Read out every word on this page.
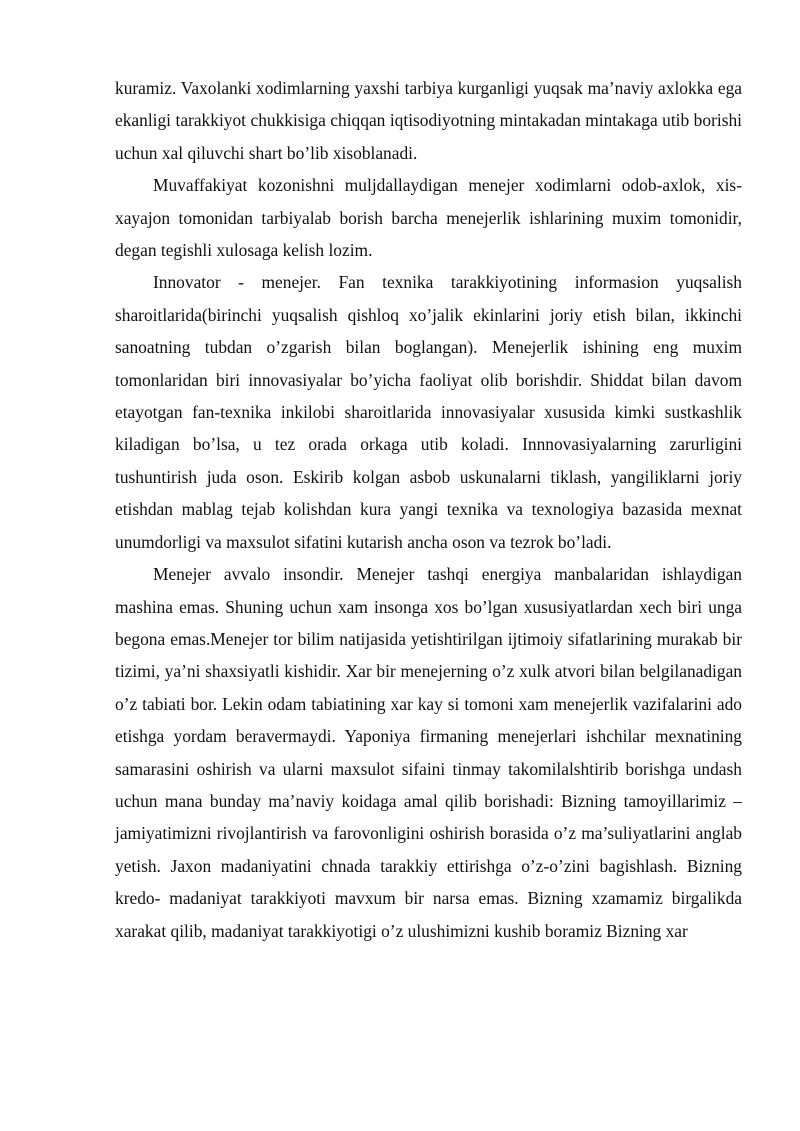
kuramiz. Vaxolanki xodimlarning yaxshi tarbiya kurganligi yuqsak ma’naviy axlokka ega ekanligi tarakkiyot chukkisiga chiqqan iqtisodiyotning mintakadan mintakaga utib borishi uchun xal qiluvchi shart bo’lib xisoblanadi.

Muvaffakiyat kozonishni muljdallaydigan menejer xodimlarni odob-axlok, xis-xayajon tomonidan tarbiyalab borish barcha menejerlik ishlarining muxim tomonidir, degan tegishli xulosaga kelish lozim.

Innovator - menejer. Fan texnika tarakkiyotining informasion yuqsalish sharoitlarida(birinchi yuqsalish qishloq xo’jalik ekinlarini joriy etish bilan, ikkinchi sanoatning tubdan o’zgarish bilan boglangan). Menejerlik ishining eng muxim tomonlaridan biri innovasiyalar bo’yicha faoliyat olib borishdir. Shiddat bilan davom etayotgan fan-texnika inkilobi sharoitlarida innovasiyalar xususida kimki sustkashlik kiladigan bo’lsa, u tez orada orkaga utib koladi. Innnovasiyalarning zarurligini tushuntirish juda oson. Eskirib kolgan asbob uskunalarni tiklash, yangiliklarni joriy etishdan mablag tejab kolishdan kura yangi texnika va texnologiya bazasida mexnat unumdorligi va maxsulot sifatini kutarish ancha oson va tezrok bo’ladi.

Menejer avvalo insondir. Menejer tashqi energiya manbalaridan ishlaydigan mashina emas. Shuning uchun xam insonga xos bo’lgan xususiyatlardan xech biri unga begona emas.Menejer tor bilim natijasida yetishtirilgan ijtimoiy sifatlarining murakab bir tizimi, ya’ni shaxsiyatli kishidir. Xar bir menejerning o’z xulk atvori bilan belgilanadigan o’z tabiati bor. Lekin odam tabiatining xar kay si tomoni xam menejerlik vazifalarini ado etishga yordam beravermaydi. Yaponiya firmaning menejerlari ishchilar mexnatining samarasini oshirish va ularni maxsulot sifaini tinmay takomilalshtirib borishga undash uchun mana bunday ma’naviy koidaga amal qilib borishadi: Bizning tamoyillarimiz – jamiyatimizni rivojlantirish va farovonligini oshirish borasida o’z ma’suliyatlarini anglab yetish. Jaxon madaniyatini chnada tarakkiy ettirishga o’z-o’zini bagishlash. Bizning kredo- madaniyat tarakkiyoti mavxum bir narsa emas. Bizning xzamamiz birgalikda xarakat qilib, madaniyat tarakkiyotigi o’z ulushimizni kushib boramiz Bizning xar
